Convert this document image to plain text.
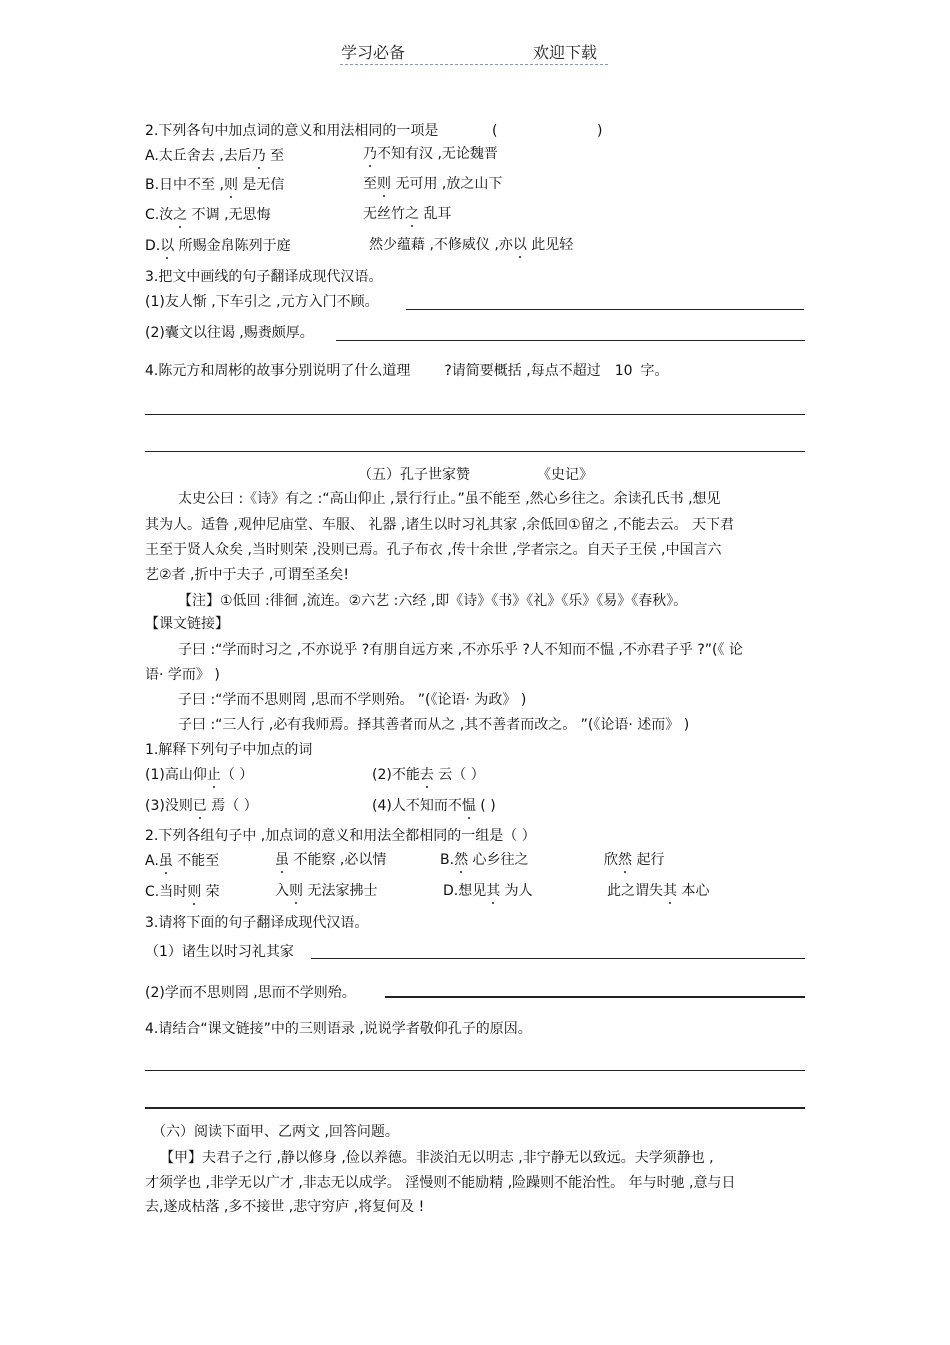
学习必备	欢迎下载
2.下列各句中加点词的意义和用法相同的一项是	(	)
A.太丘舍去 ,去后乃 至	乃不知有汉 ,无论魏晋
B.日中不至 ,则 是无信	至则 无可用 ,放之山下
C.汝之 不调 ,无思悔	无丝竹之 乱耳
D.以 所赐金帛陈列于庭	然少蕴藉 ,不修威仪 ,亦以 此见轻
3.把文中画线的句子翻译成现代汉语。
(1)友人惭 ,下车引之 ,元方入门不顾。
(2)囊文以往谒 ,赐赉颇厚。
4.陈元方和周彬的故事分别说明了什么道理 ?请简要概括 ,每点不超过 10 字。
（五）孔子世家赞	《史记》
太史公曰 :《诗》有之 :“高山仰止 ,景行行止。”虽不能至 ,然心乡往之。余读孔氏书 ,想见
其为人。适鲁 ,观仲尼庙堂、车服、 礼器 ,诸生以时习礼其家 ,余低回①留之 ,不能去云。 天下君
王至于贤人众矣 ,当时则荣 ,没则已焉。孔子布衣 ,传十余世 ,学者宗之。自天子王侯 ,中国言六
艺②者 ,折中于夫子 ,可谓至圣矣!
【注】①低回 :徘徊 ,流连。②六艺 :六经 ,即《诗》《书》《礼》《乐》《易》《春秋》。
【课文链接】
子曰 :“学而时习之 ,不亦说乎 ?有朋自远方来 ,不亦乐乎 ?人不知而不愠 ,不亦君子乎 ?”(《 论
语· 学而》 )
子曰 :“学而不思则罔 ,思而不学则殆。 ”(《论语· 为政》 )
子曰 :“三人行 ,必有我师焉。择其善者而从之 ,其不善者而改之。 ”(《论语· 述而》 )
1.解释下列句子中加点的词
(1)高山仰止（ ）	(2)不能去 云（ ）
(3)没则已 焉（ ）	(4)人不知而不愠 ( )
2.下列各组句子中 ,加点词的意义和用法全都相同的一组是（ ）
A.虽 不能至	虽 不能察 ,必以情	B.然 心乡往之	欣然 起行
C.当时则 荣	入则 无法家拂士	D.想见其 为人	此之谓失其 本心
3.请将下面的句子翻译成现代汉语。
（1）诸生以时习礼其家
(2)学而不思则罔 ,思而不学则殆。
4.请结合“课文链接”中的三则语录 ,说说学者敬仰孔子的原因。
（六）阅读下面甲、乙两文 ,回答问题。
【甲】夫君子之行 ,静以修身 ,俭以养德。非淡泊无以明志 ,非宁静无以致远。夫学须静也 ,
才须学也 ,非学无以广才 ,非志无以成学。 淫慢则不能励精 ,险躁则不能治性。 年与时驰 ,意与日
去,遂成枯落 ,多不接世 ,悲守穷庐 ,将复何及 !
